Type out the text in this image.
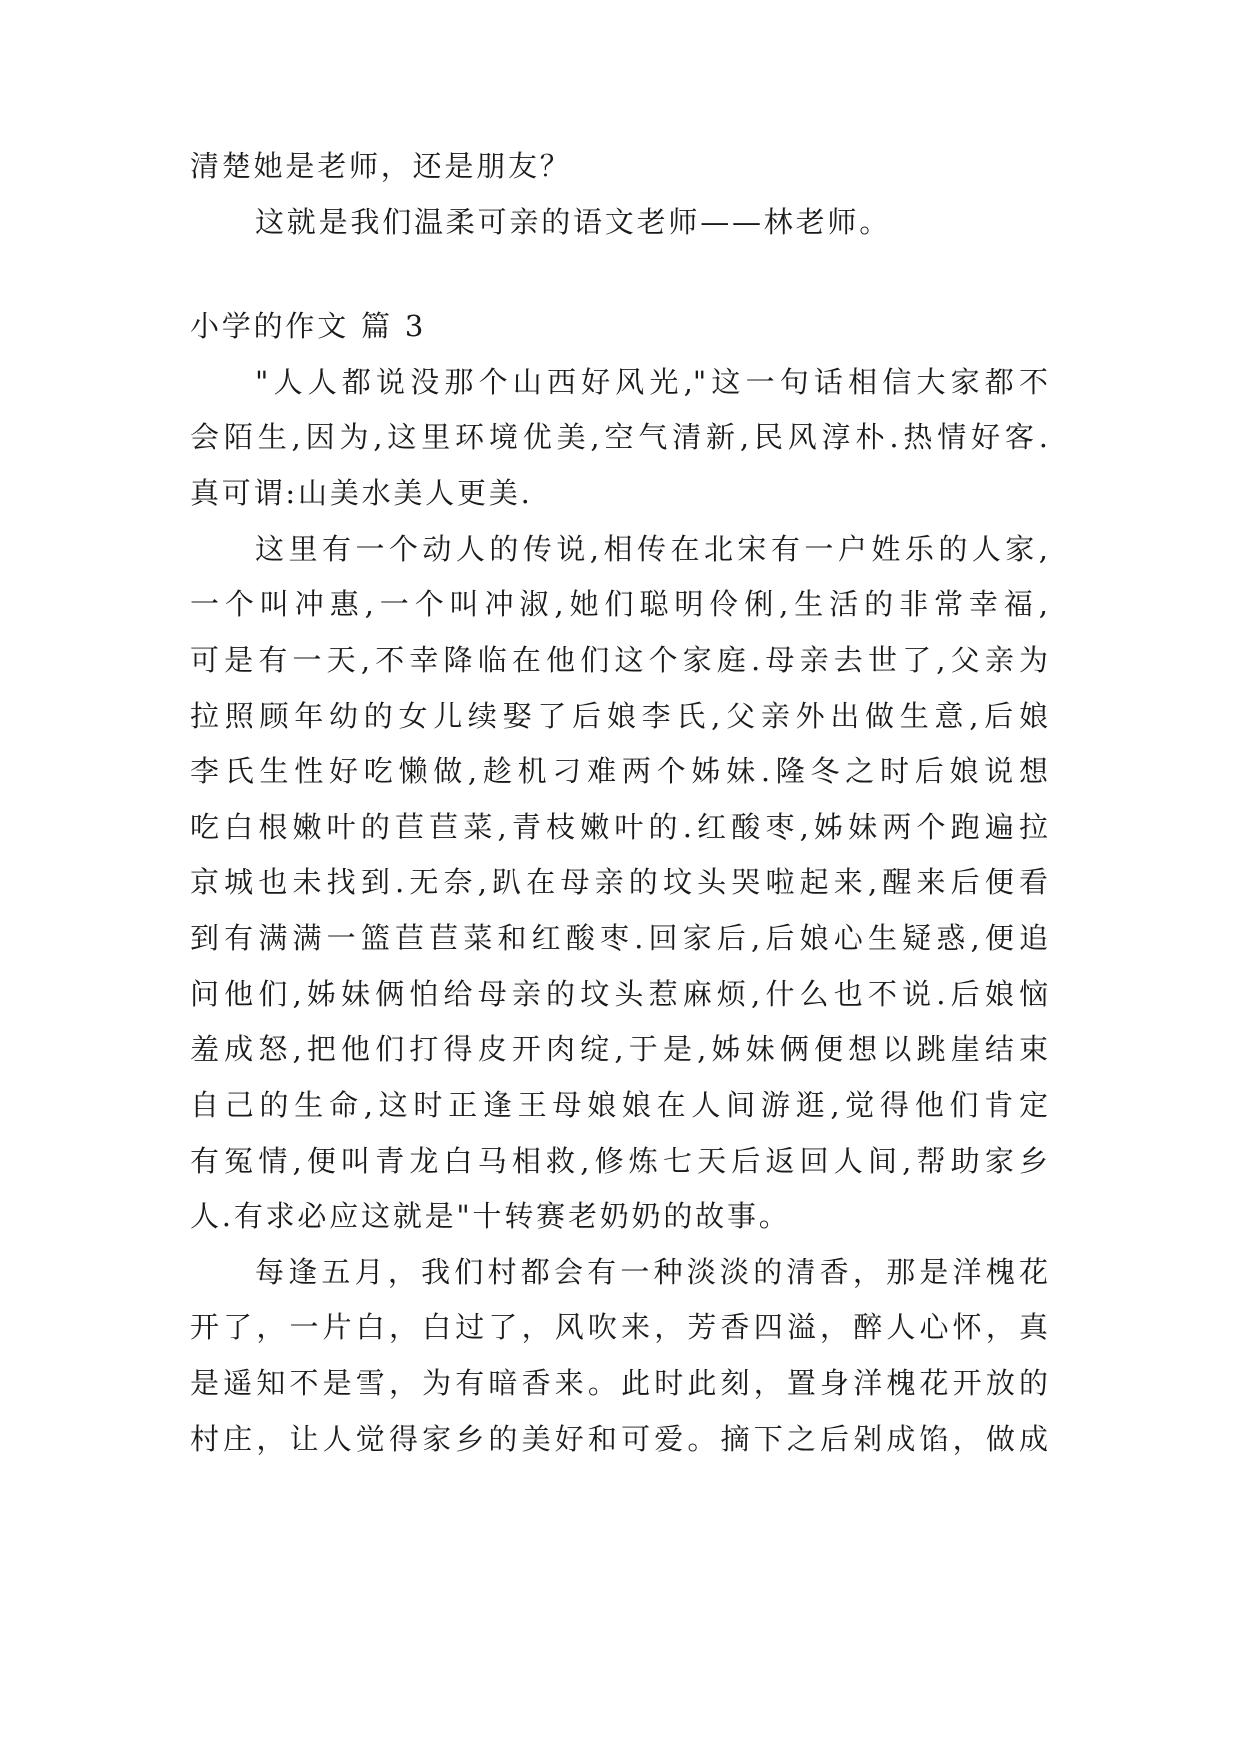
清楚她是老师，还是朋友？

这就是我们温柔可亲的语文老师——林老师。

小学的作文 篇 3

"人人都说没那个山西好风光,"这一句话相信大家都不

会陌生,因为,这里环境优美,空气清新,民风淳朴.热情好客.

真可谓:山美水美人更美.

这里有一个动人的传说,相传在北宋有一户姓乐的人家,

一个叫冲惠,一个叫冲淑,她们聪明伶俐,生活的非常幸福,

可是有一天,不幸降临在他们这个家庭.母亲去世了,父亲为

拉照顾年幼的女儿续娶了后娘李氏,父亲外出做生意,后娘

李氏生性好吃懒做,趁机刁难两个姊妹.隆冬之时后娘说想

吃白根嫩叶的苣苣菜,青枝嫩叶的.红酸枣,姊妹两个跑遍拉

京城也未找到.无奈,趴在母亲的坟头哭啦起来,醒来后便看

到有满满一篮苣苣菜和红酸枣.回家后,后娘心生疑惑,便追

问他们,姊妹俩怕给母亲的坟头惹麻烦,什么也不说.后娘恼

羞成怒,把他们打得皮开肉绽,于是,姊妹俩便想以跳崖结束

自己的生命,这时正逢王母娘娘在人间游逛,觉得他们肯定

有冤情,便叫青龙白马相救,修炼七天后返回人间,帮助家乡

人.有求必应这就是"十转赛老奶奶的故事。

每逢五月，我们村都会有一种淡淡的清香，那是洋槐花

开了，一片白，白过了，风吹来，芳香四溢，醉人心怀，真

是遥知不是雪，为有暗香来。此时此刻，置身洋槐花开放的

村庄，让人觉得家乡的美好和可爱。摘下之后剁成馅，做成
